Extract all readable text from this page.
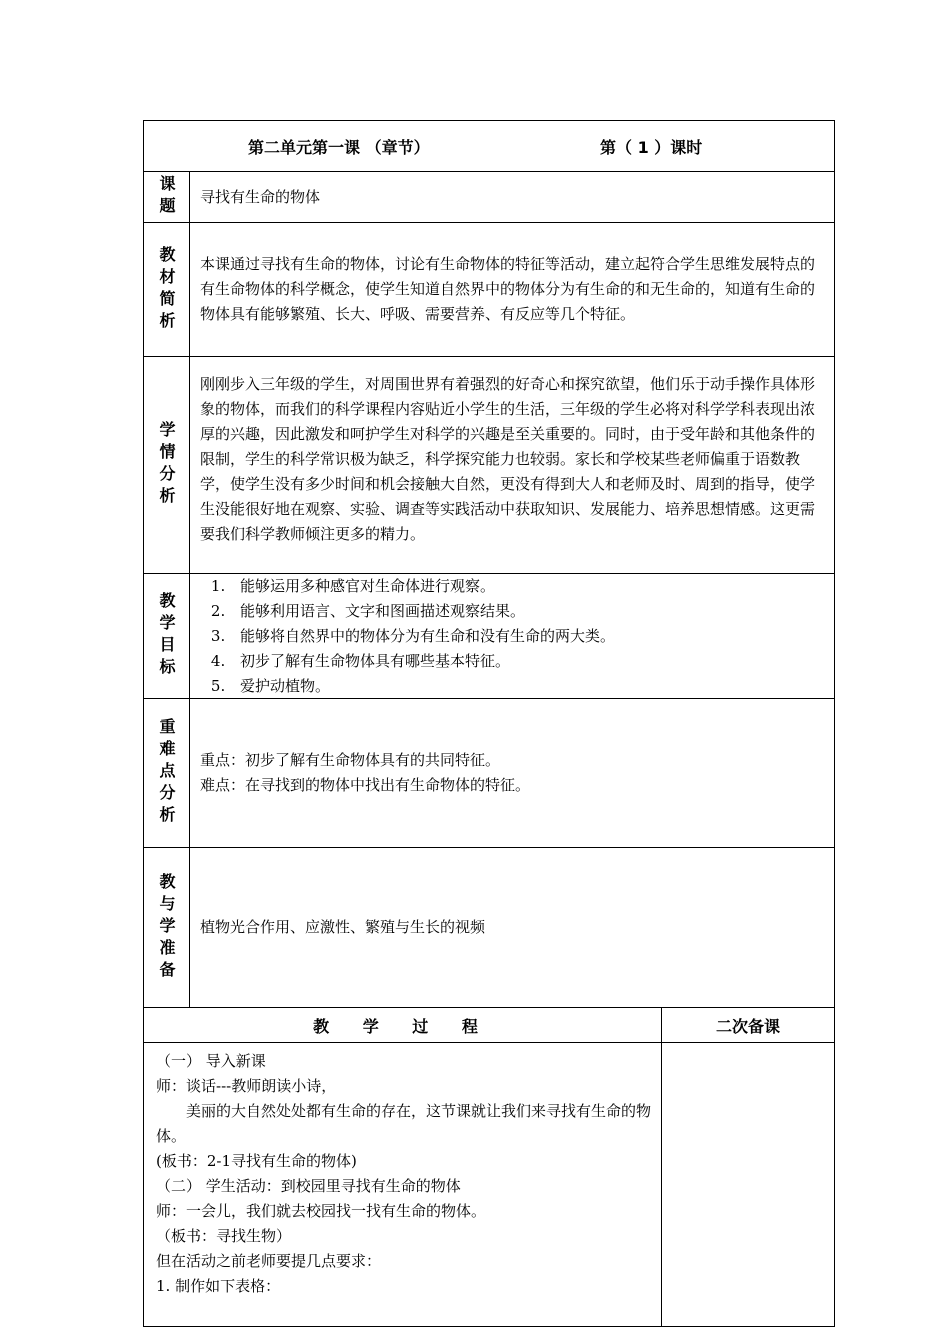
第二单元第一课 （章节）	第（ 1 ）课时
课题 寻找有生命的物体
教材简析 本课通过寻找有生命的物体，讨论有生命物体的特征等活动，建立起符合学生思维发展特点的有生命物体的科学概念，使学生知道自然界中的物体分为有生命的和无生命的，知道有生命的物体具有能够繁殖、长大、呼吸、需要营养、有反应等几个特征。
学情分析
刚刚步入三年级的学生，对周围世界有着强烈的好奇心和探究欲望，他们乐于动手操作具体形象的物体，而我们的科学课程内容贴近小学生的生活，三年级的学生必将对科学学科表现出浓厚的兴趣，因此激发和呵护学生对科学的兴趣是至关重要的。同时，由于受年龄和其他条件的限制，学生的科学常识极为缺乏，科学探究能力也较弱。家长和学校某些老师偏重于语数教学，使学生没有多少时间和机会接触大自然，更没有得到大人和老师及时、周到的指导，使学生没能很好地在观察、实验、调查等实践活动中获取知识、发展能力、培养思想情感。这更需要我们科学教师倾注更多的精力。
教学目标
1. 能够运用多种感官对生命体进行观察。
2. 能够利用语言、文字和图画描述观察结果。
3. 能够将自然界中的物体分为有生命和没有生命的两大类。
4. 初步了解有生命物体具有哪些基本特征。
5. 爱护动植物。
重难点分析 重点：初步了解有生命物体具有的共同特征。
难点：在寻找到的物体中找出有生命物体的特征。
教与学准备 植物光合作用、应激性、繁殖与生长的视频
教 学 过 程	二次备课
（一） 导入新课
师：谈话---教师朗读小诗，
美丽的大自然处处都有生命的存在，这节课就让我们来寻找有生命的物体。
(板书：2-1寻找有生命的物体)
（二） 学生活动：到校园里寻找有生命的物体
师：一会儿，我们就去校园找一找有生命的物体。
（板书：寻找生物）
但在活动之前老师要提几点要求：
1. 制作如下表格：
